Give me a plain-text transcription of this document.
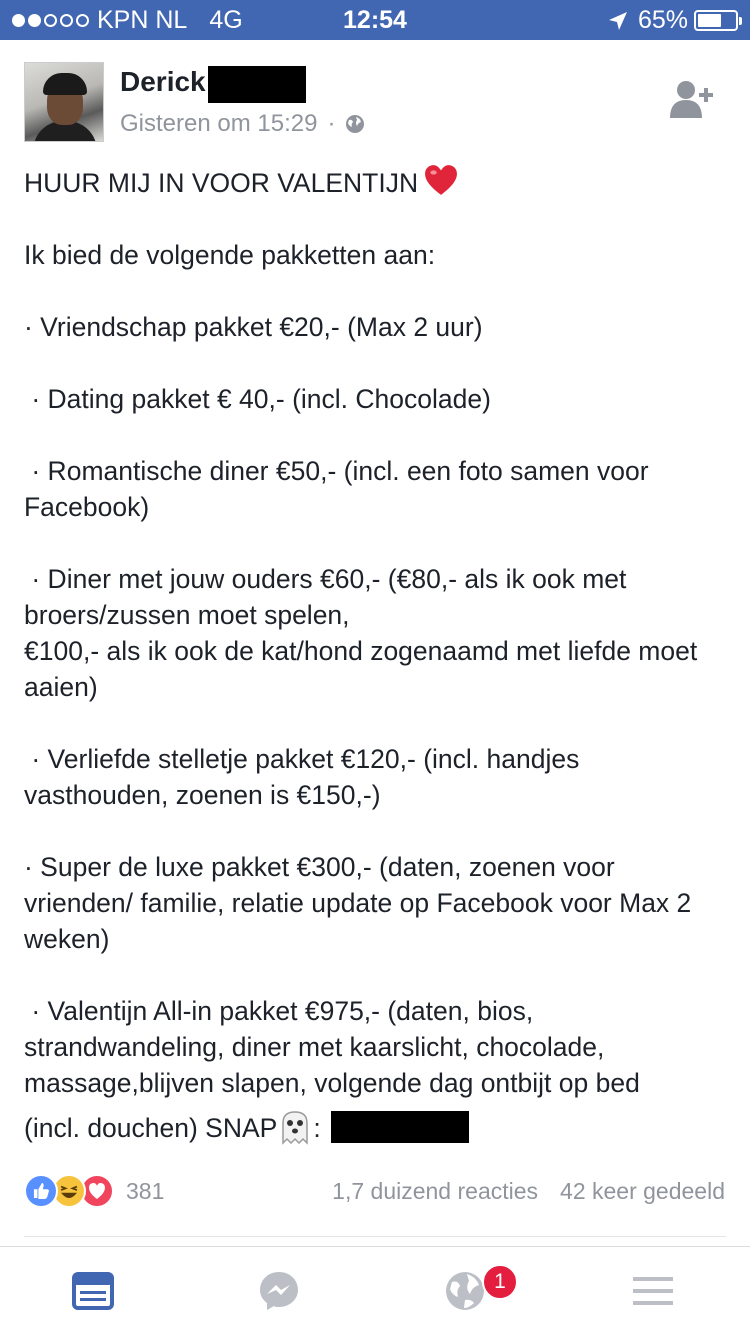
KPN NL 4G	12:54	65%
Derick
Gisteren om 15:29 ·

HUUR MIJ IN VOOR VALENTIJN

Ik bied de volgende pakketten aan:

· Vriendschap pakket €20,- (Max 2 uur)

· Dating pakket € 40,- (incl. Chocolade)

· Romantische diner €50,- (incl. een foto samen voor Facebook)

· Diner met jouw ouders €60,- (€80,- als ik ook met broers/zussen moet spelen,

€100,- als ik ook de kat/hond zogenaamd met liefde moet aaien)

· Verliefde stelletje pakket €120,- (incl. handjes vasthouden, zoenen is €150,-)

· Super de luxe pakket €300,- (daten, zoenen voor vrienden/ familie, relatie update op Facebook voor Max 2 weken)

· Valentijn All-in pakket €975,- (daten, bios, strandwandeling, diner met kaarslicht, chocolade, massage,blijven slapen, volgende dag ontbijt op bed

(incl. douchen) SNAP :

381	1,7 duizend reacties 42 keer gedeeld
1
